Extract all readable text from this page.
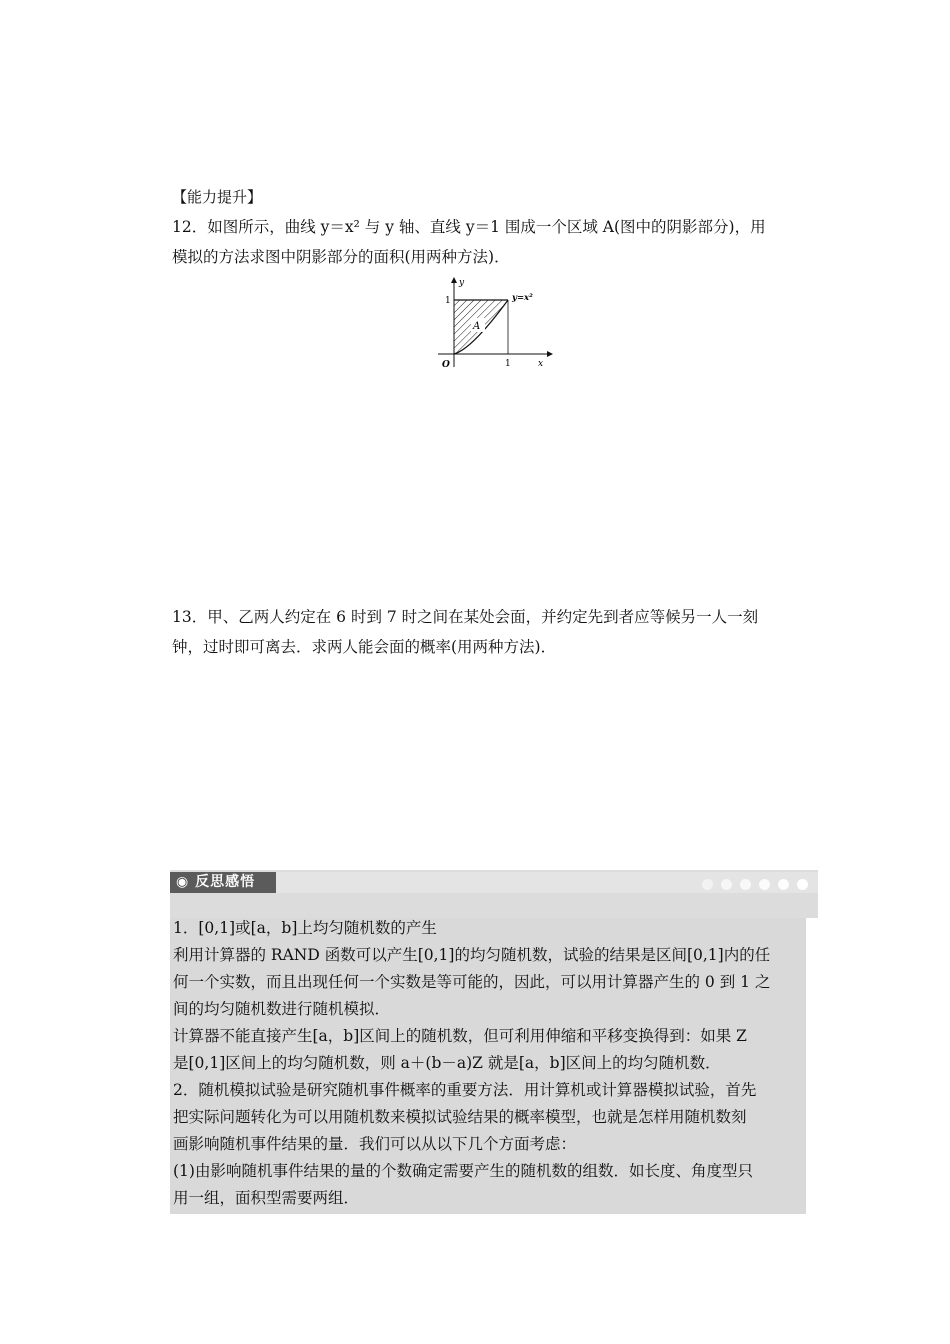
【能力提升】
12．如图所示，曲线 y＝x² 与 y 轴、直线 y＝1 围成一个区域 A(图中的阴影部分)，用
模拟的方法求图中阴影部分的面积(用两种方法)．
A
y
x
O
1
1
y=x²
13．甲、乙两人约定在 6 时到 7 时之间在某处会面，并约定先到者应等候另一人一刻
钟，过时即可离去．求两人能会面的概率(用两种方法)．
◉ 反思感悟
1．[0,1]或[a，b]上均匀随机数的产生
利用计算器的 RAND 函数可以产生[0,1]的均匀随机数，试验的结果是区间[0,1]内的任
何一个实数，而且出现任何一个实数是等可能的，因此，可以用计算器产生的 0 到 1 之
间的均匀随机数进行随机模拟．
计算器不能直接产生[a，b]区间上的随机数，但可利用伸缩和平移变换得到：如果 Z
是[0,1]区间上的均匀随机数，则 a＋(b－a)Z 就是[a，b]区间上的均匀随机数．
2．随机模拟试验是研究随机事件概率的重要方法．用计算机或计算器模拟试验，首先
把实际问题转化为可以用随机数来模拟试验结果的概率模型，也就是怎样用随机数刻
画影响随机事件结果的量．我们可以从以下几个方面考虑：
(1)由影响随机事件结果的量的个数确定需要产生的随机数的组数．如长度、角度型只
用一组，面积型需要两组．
